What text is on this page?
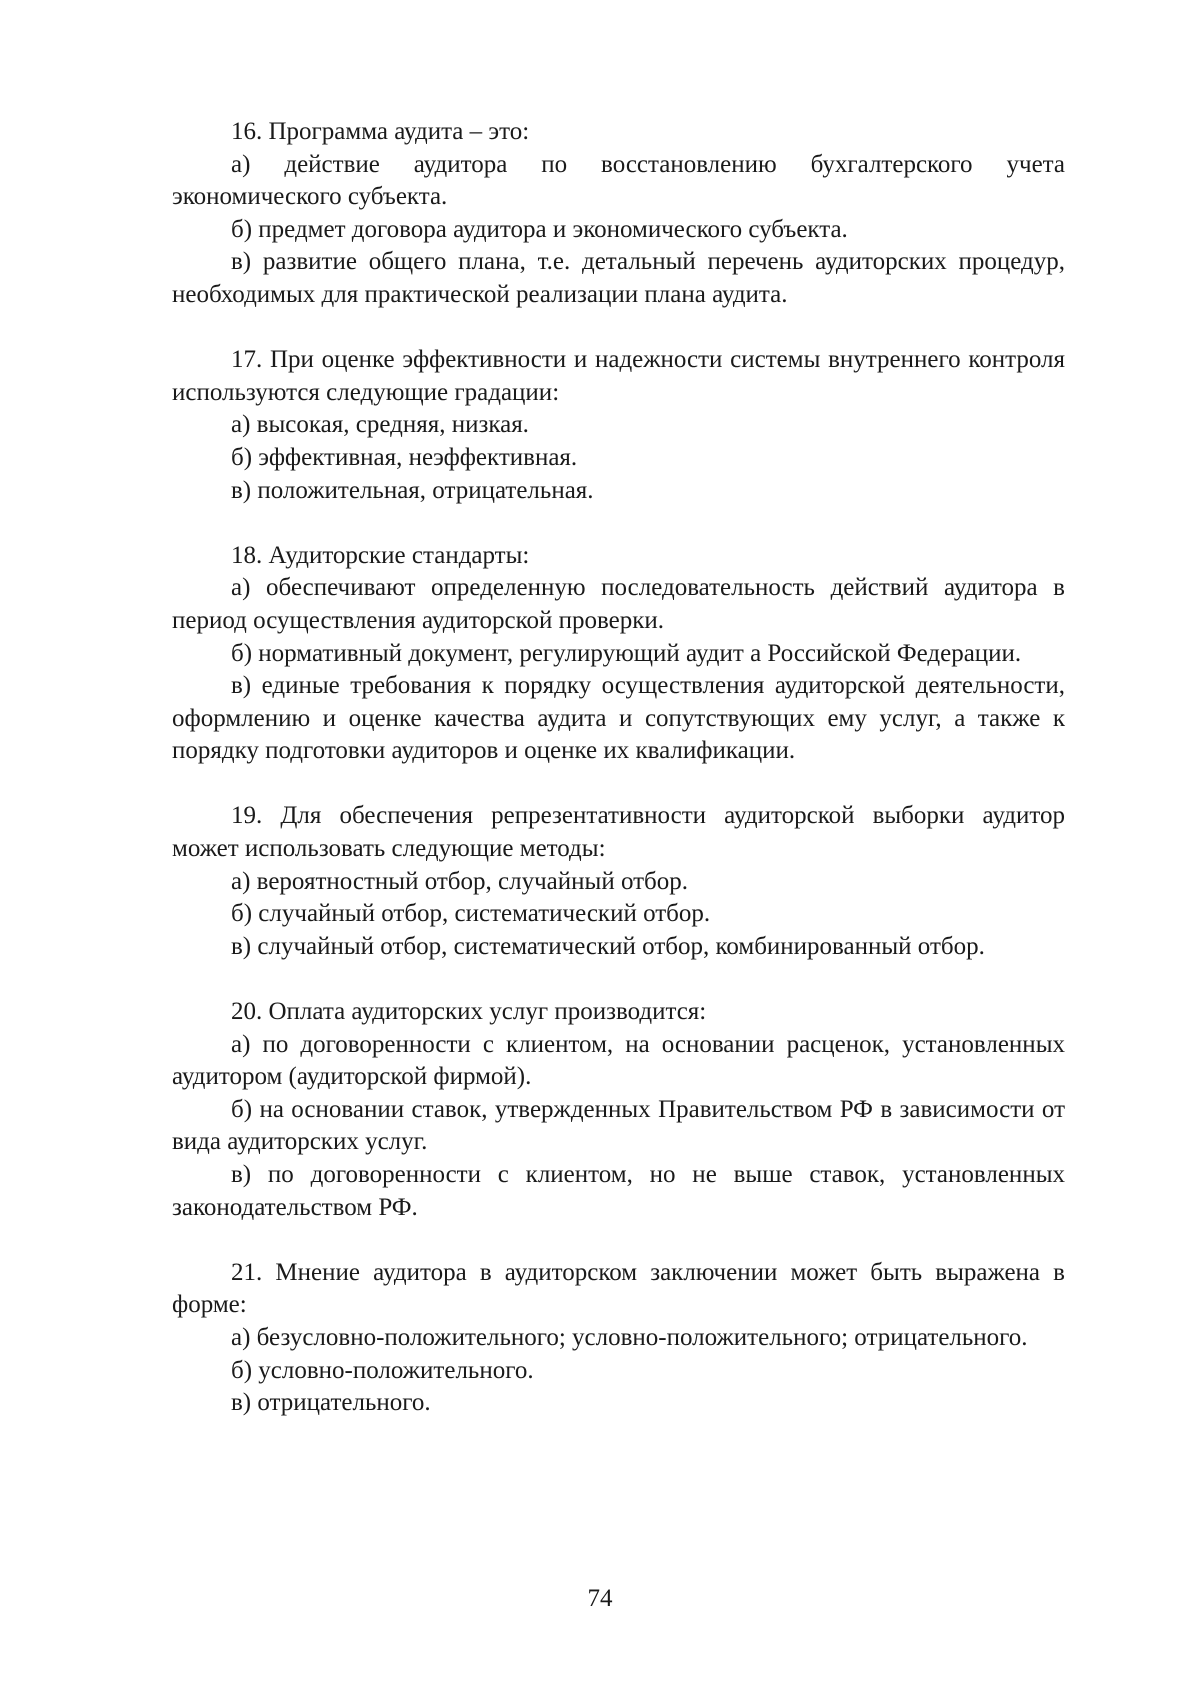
16. Программа аудита – это:

а) действие аудитора по восстановлению бухгалтерского учета экономического субъекта.

б) предмет договора аудитора и экономического субъекта.

в) развитие общего плана, т.е. детальный перечень аудиторских процедур, необходимых для практической реализации плана аудита.

17. При оценке эффективности и надежности системы внутреннего контроля используются следующие градации:

а) высокая, средняя, низкая.

б) эффективная, неэффективная.

в) положительная, отрицательная.

18. Аудиторские стандарты:

а) обеспечивают определенную последовательность действий аудитора в период осуществления аудиторской проверки.

б) нормативный документ, регулирующий аудит а Российской Федерации.

в) единые требования к порядку осуществления аудиторской деятельности, оформлению и оценке качества аудита и сопутствующих ему услуг, а также к порядку подготовки аудиторов и оценке их квалификации.

19. Для обеспечения репрезентативности аудиторской выборки аудитор может использовать следующие методы:

а) вероятностный отбор, случайный отбор.

б) случайный отбор, систематический отбор.

в) случайный отбор, систематический отбор, комбинированный отбор.

20. Оплата аудиторских услуг производится:

а) по договоренности с клиентом, на основании расценок, установленных аудитором (аудиторской фирмой).

б) на основании ставок, утвержденных Правительством РФ в зависимости от вида аудиторских услуг.

в) по договоренности с клиентом, но не выше ставок, установленных законодательством РФ.

21. Мнение аудитора в аудиторском заключении может быть выражена в форме:

а) безусловно-положительного; условно-положительного; отрицательного.

б) условно-положительного.

в) отрицательного.

74
